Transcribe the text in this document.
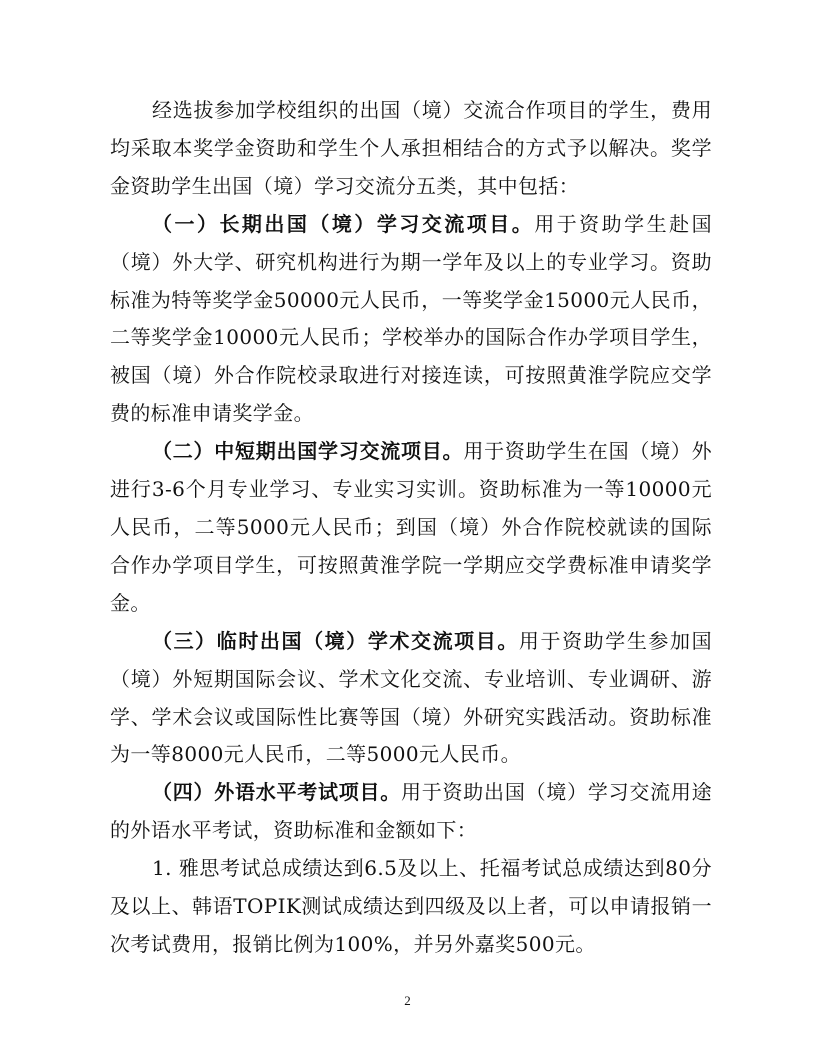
经选拔参加学校组织的出国（境）交流合作项目的学生，费用均采取本奖学金资助和学生个人承担相结合的方式予以解决。奖学金资助学生出国（境）学习交流分五类，其中包括：

（一）长期出国（境）学习交流项目。用于资助学生赴国（境）外大学、研究机构进行为期一学年及以上的专业学习。资助标准为特等奖学金50000元人民币，一等奖学金15000元人民币，二等奖学金10000元人民币；学校举办的国际合作办学项目学生，被国（境）外合作院校录取进行对接连读，可按照黄淮学院应交学费的标准申请奖学金。

（二）中短期出国学习交流项目。用于资助学生在国（境）外进行3-6个月专业学习、专业实习实训。资助标准为一等10000元人民币，二等5000元人民币；到国（境）外合作院校就读的国际合作办学项目学生，可按照黄淮学院一学期应交学费标准申请奖学金。

（三）临时出国（境）学术交流项目。用于资助学生参加国（境）外短期国际会议、学术文化交流、专业培训、专业调研、游学、学术会议或国际性比赛等国（境）外研究实践活动。资助标准为一等8000元人民币，二等5000元人民币。

（四）外语水平考试项目。用于资助出国（境）学习交流用途的外语水平考试，资助标准和金额如下：

1. 雅思考试总成绩达到6.5及以上、托福考试总成绩达到80分及以上、韩语TOPIK测试成绩达到四级及以上者，可以申请报销一次考试费用，报销比例为100%，并另外嘉奖500元。

2
